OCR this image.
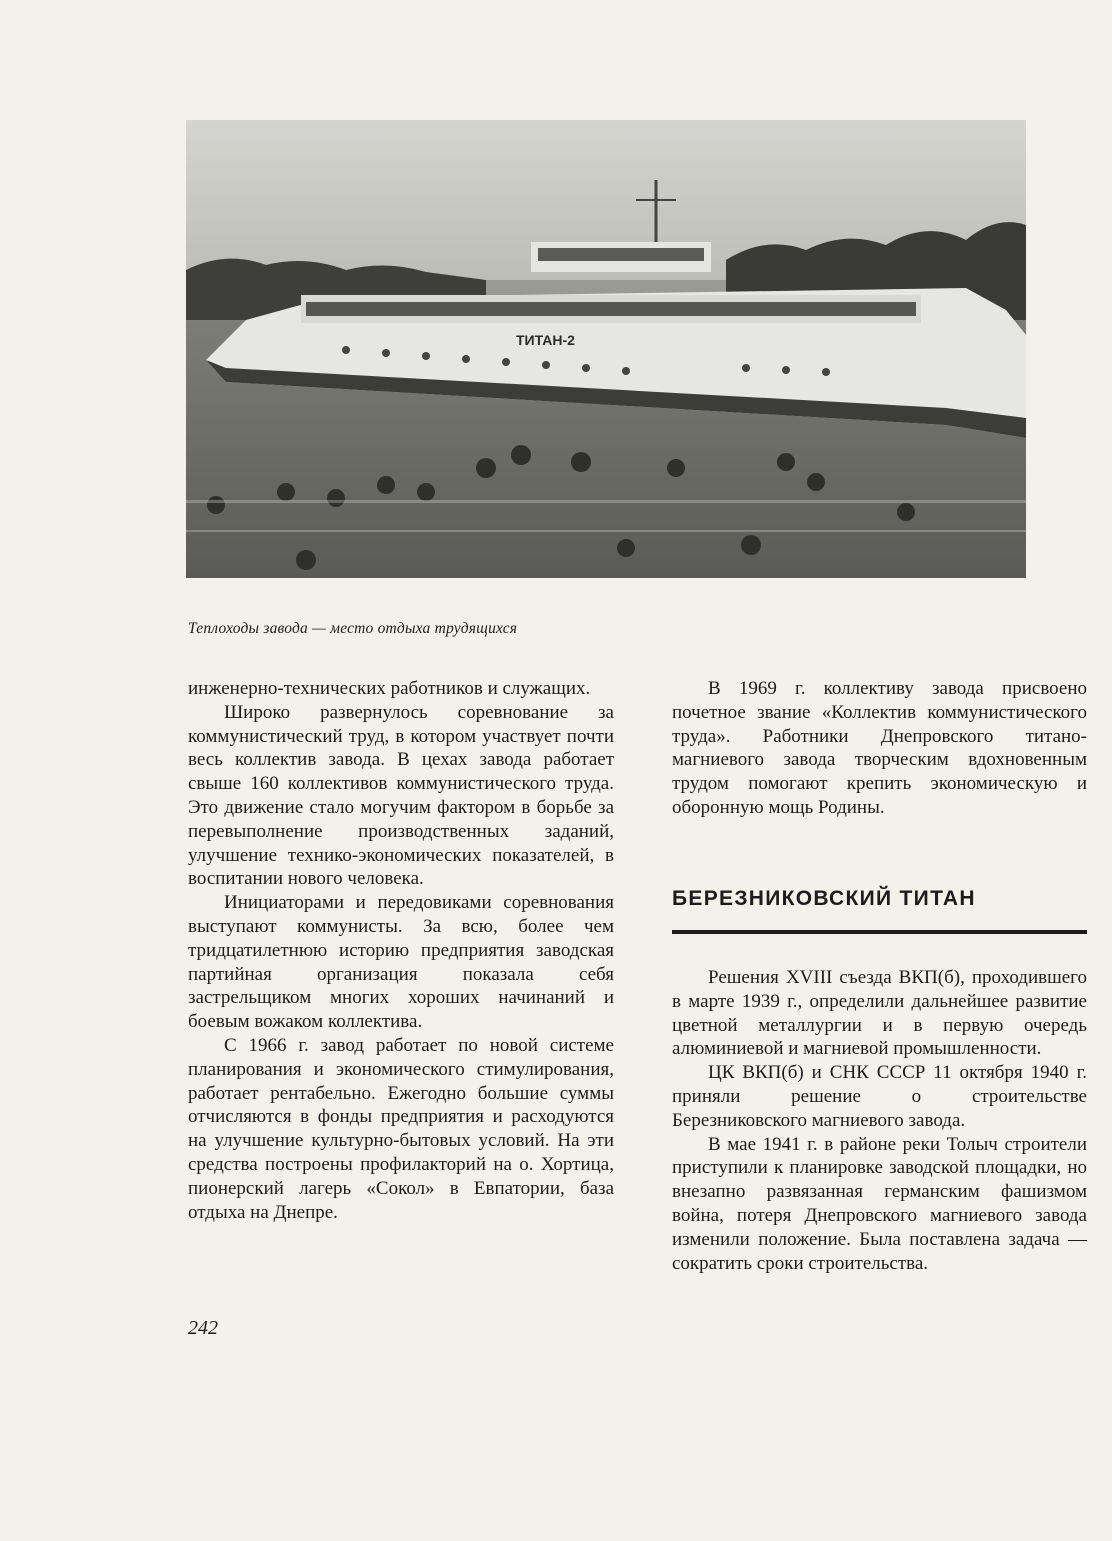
ТИТАН-2

Теплоходы завода — место отдыха трудящихся

инженерно-технических работников и служащих.

Широко развернулось соревнование за коммунистический труд, в котором участвует почти весь коллектив завода. В цехах завода работает свыше 160 коллективов коммунистического труда. Это движение стало могучим фактором в борьбе за перевыполнение производственных заданий, улучшение технико-экономических показателей, в воспитании нового человека.

Инициаторами и передовиками соревнования выступают коммунисты. За всю, более чем тридцатилетнюю историю предприятия заводская партийная организация показала себя застрельщиком многих хороших начинаний и боевым вожаком коллектива.

С 1966 г. завод работает по новой системе планирования и экономического стимулирования, работает рентабельно. Ежегодно большие суммы отчисляются в фонды предприятия и расходуются на улучшение культурно-бытовых условий. На эти средства построены профилакторий на о. Хортица, пионерский лагерь «Сокол» в Евпатории, база отдыха на Днепре.

В 1969 г. коллективу завода присвоено почетное звание «Коллектив коммунистического труда». Работники Днепровского титано-магниевого завода творческим вдохновенным трудом помогают крепить экономическую и оборонную мощь Родины.

БЕРЕЗНИКОВСКИЙ ТИТАН

Решения XVIII съезда ВКП(б), проходившего в марте 1939 г., определили дальнейшее развитие цветной металлургии и в первую очередь алюминиевой и магниевой промышленности.

ЦК ВКП(б) и СНК СССР 11 октября 1940 г. приняли решение о строительстве Березниковского магниевого завода.

В мае 1941 г. в районе реки Толыч строители приступили к планировке заводской площадки, но внезапно развязанная германским фашизмом война, потеря Днепровского магниевого завода изменили положение. Была поставлена задача — сократить сроки строительства.

242
